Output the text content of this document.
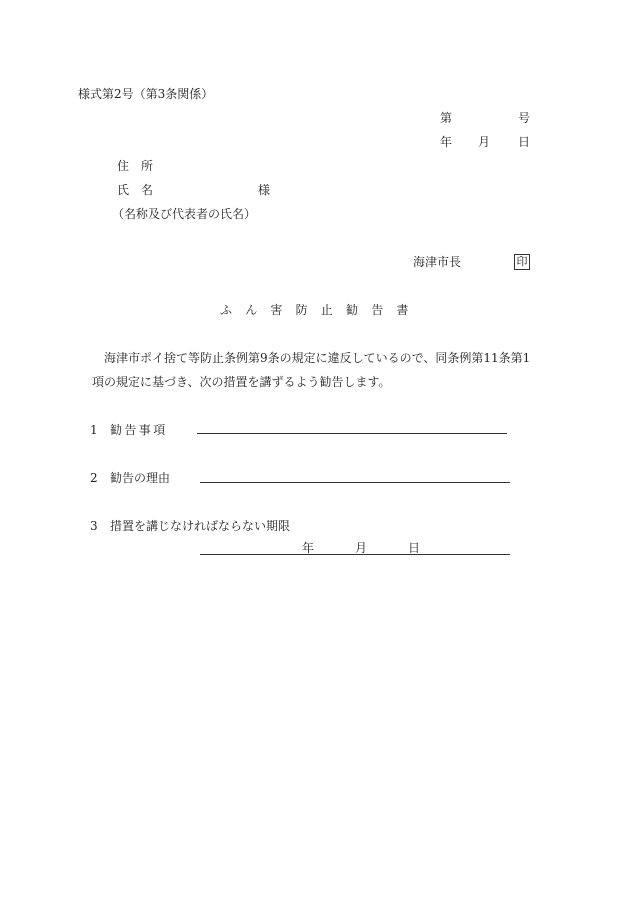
様式第2号（第3条関係）
第	号
年 月 日
住　所
氏　名	様
（名称及び代表者の氏名）
海津市長	印
ふん害防止勧告書
海津市ポイ捨て等防止条例第9条の規定に違反しているので、同条例第11条第1
項の規定に基づき、次の措置を講ずるよう勧告します。
1 勧告事項
2 勧告の理由
3 措置を講じなければならない期限
年	月	日
